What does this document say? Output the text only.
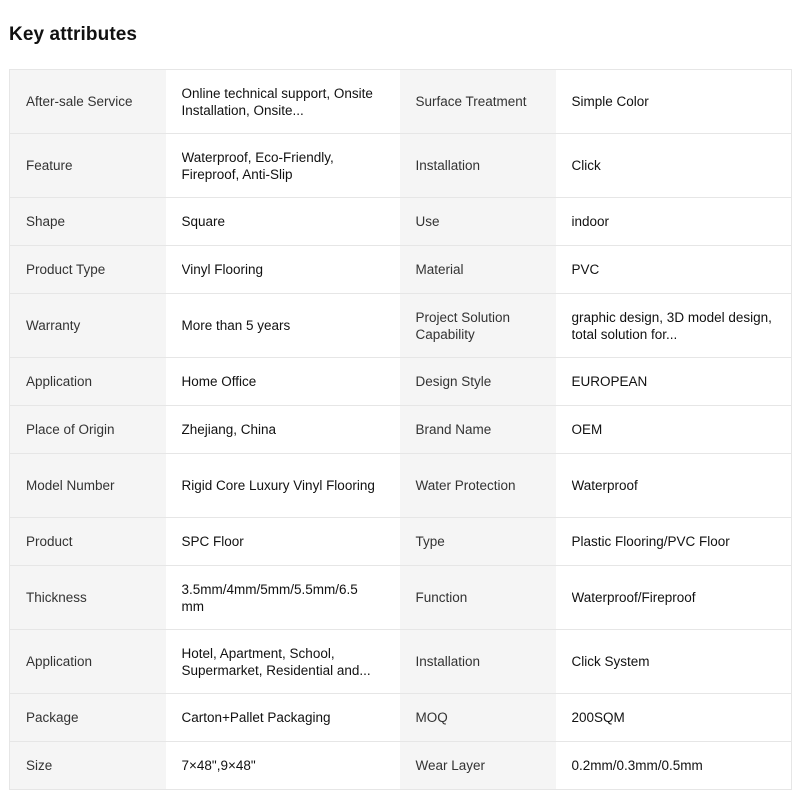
Key attributes
After-sale Service	Online technical support, Onsite Installation, Onsite...	Surface Treatment	Simple Color

Feature	Waterproof, Eco-Friendly, Fireproof, Anti-Slip	Installation	Click

Shape	Square	Use	indoor

Product Type	Vinyl Flooring	Material	PVC

Warranty	More than 5 years	Project Solution Capability	graphic design, 3D model design, total solution for...

Application	Home Office	Design Style	EUROPEAN

Place of Origin	Zhejiang, China	Brand Name	OEM

Model Number	Rigid Core Luxury Vinyl Flooring	Water Protection	Waterproof

Product	SPC Floor	Type	Plastic Flooring/PVC Floor

Thickness	3.5mm/4mm/5mm/5.5mm/6.5 mm	Function	Waterproof/Fireproof

Application	Hotel, Apartment, School, Supermarket, Residential and...	Installation	Click System

Package	Carton+Pallet Packaging	MOQ	200SQM

Size	7×48",9×48"	Wear Layer	0.2mm/0.3mm/0.5mm
